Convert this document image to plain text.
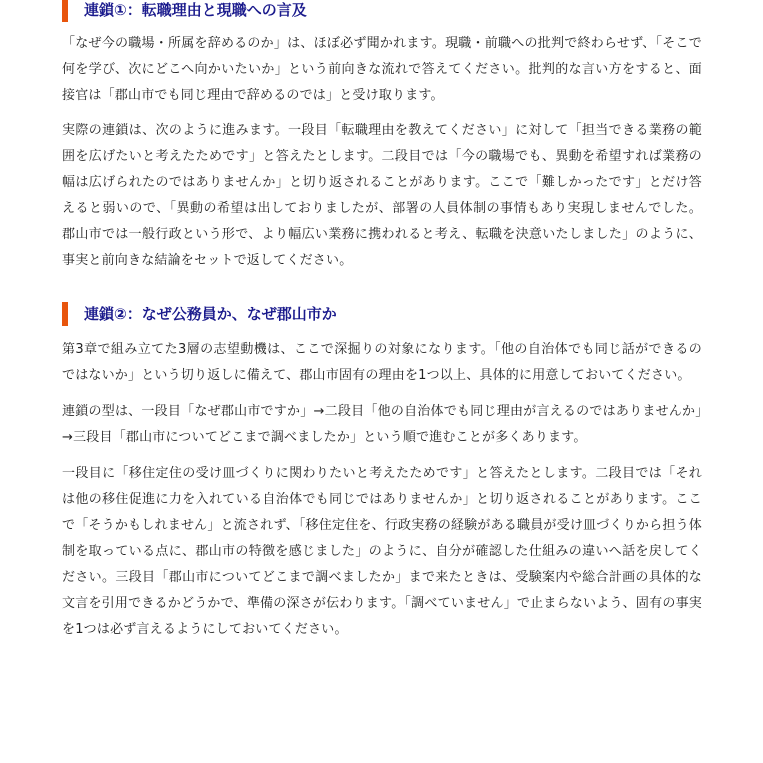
連鎖①：転職理由と現職への言及

「なぜ今の職場・所属を辞めるのか」は、ほぼ必ず聞かれます。現職・前職への批判で終わらせず、「そこで何を学び、次にどこへ向かいたいか」という前向きな流れで答えてください。批判的な言い方をすると、面接官は「郡山市でも同じ理由で辞めるのでは」と受け取ります。

実際の連鎖は、次のように進みます。一段目「転職理由を教えてください」に対して「担当できる業務の範囲を広げたいと考えたためです」と答えたとします。二段目では「今の職場でも、異動を希望すれば業務の幅は広げられたのではありませんか」と切り返されることがあります。ここで「難しかったです」とだけ答えると弱いので、「異動の希望は出しておりましたが、部署の人員体制の事情もあり実現しませんでした。郡山市では一般行政という形で、より幅広い業務に携われると考え、転職を決意いたしました」のように、事実と前向きな結論をセットで返してください。

連鎖②：なぜ公務員か、なぜ郡山市か

第3章で組み立てた3層の志望動機は、ここで深掘りの対象になります。「他の自治体でも同じ話ができるのではないか」という切り返しに備えて、郡山市固有の理由を1つ以上、具体的に用意しておいてください。

連鎖の型は、一段目「なぜ郡山市ですか」→二段目「他の自治体でも同じ理由が言えるのではありませんか」→三段目「郡山市についてどこまで調べましたか」という順で進むことが多くあります。

一段目に「移住定住の受け皿づくりに関わりたいと考えたためです」と答えたとします。二段目では「それは他の移住促進に力を入れている自治体でも同じではありませんか」と切り返されることがあります。ここで「そうかもしれません」と流されず、「移住定住を、行政実務の経験がある職員が受け皿づくりから担う体制を取っている点に、郡山市の特徴を感じました」のように、自分が確認した仕組みの違いへ話を戻してください。三段目「郡山市についてどこまで調べましたか」まで来たときは、受験案内や総合計画の具体的な文言を引用できるかどうかで、準備の深さが伝わります。「調べていません」で止まらないよう、固有の事実を1つは必ず言えるようにしておいてください。
